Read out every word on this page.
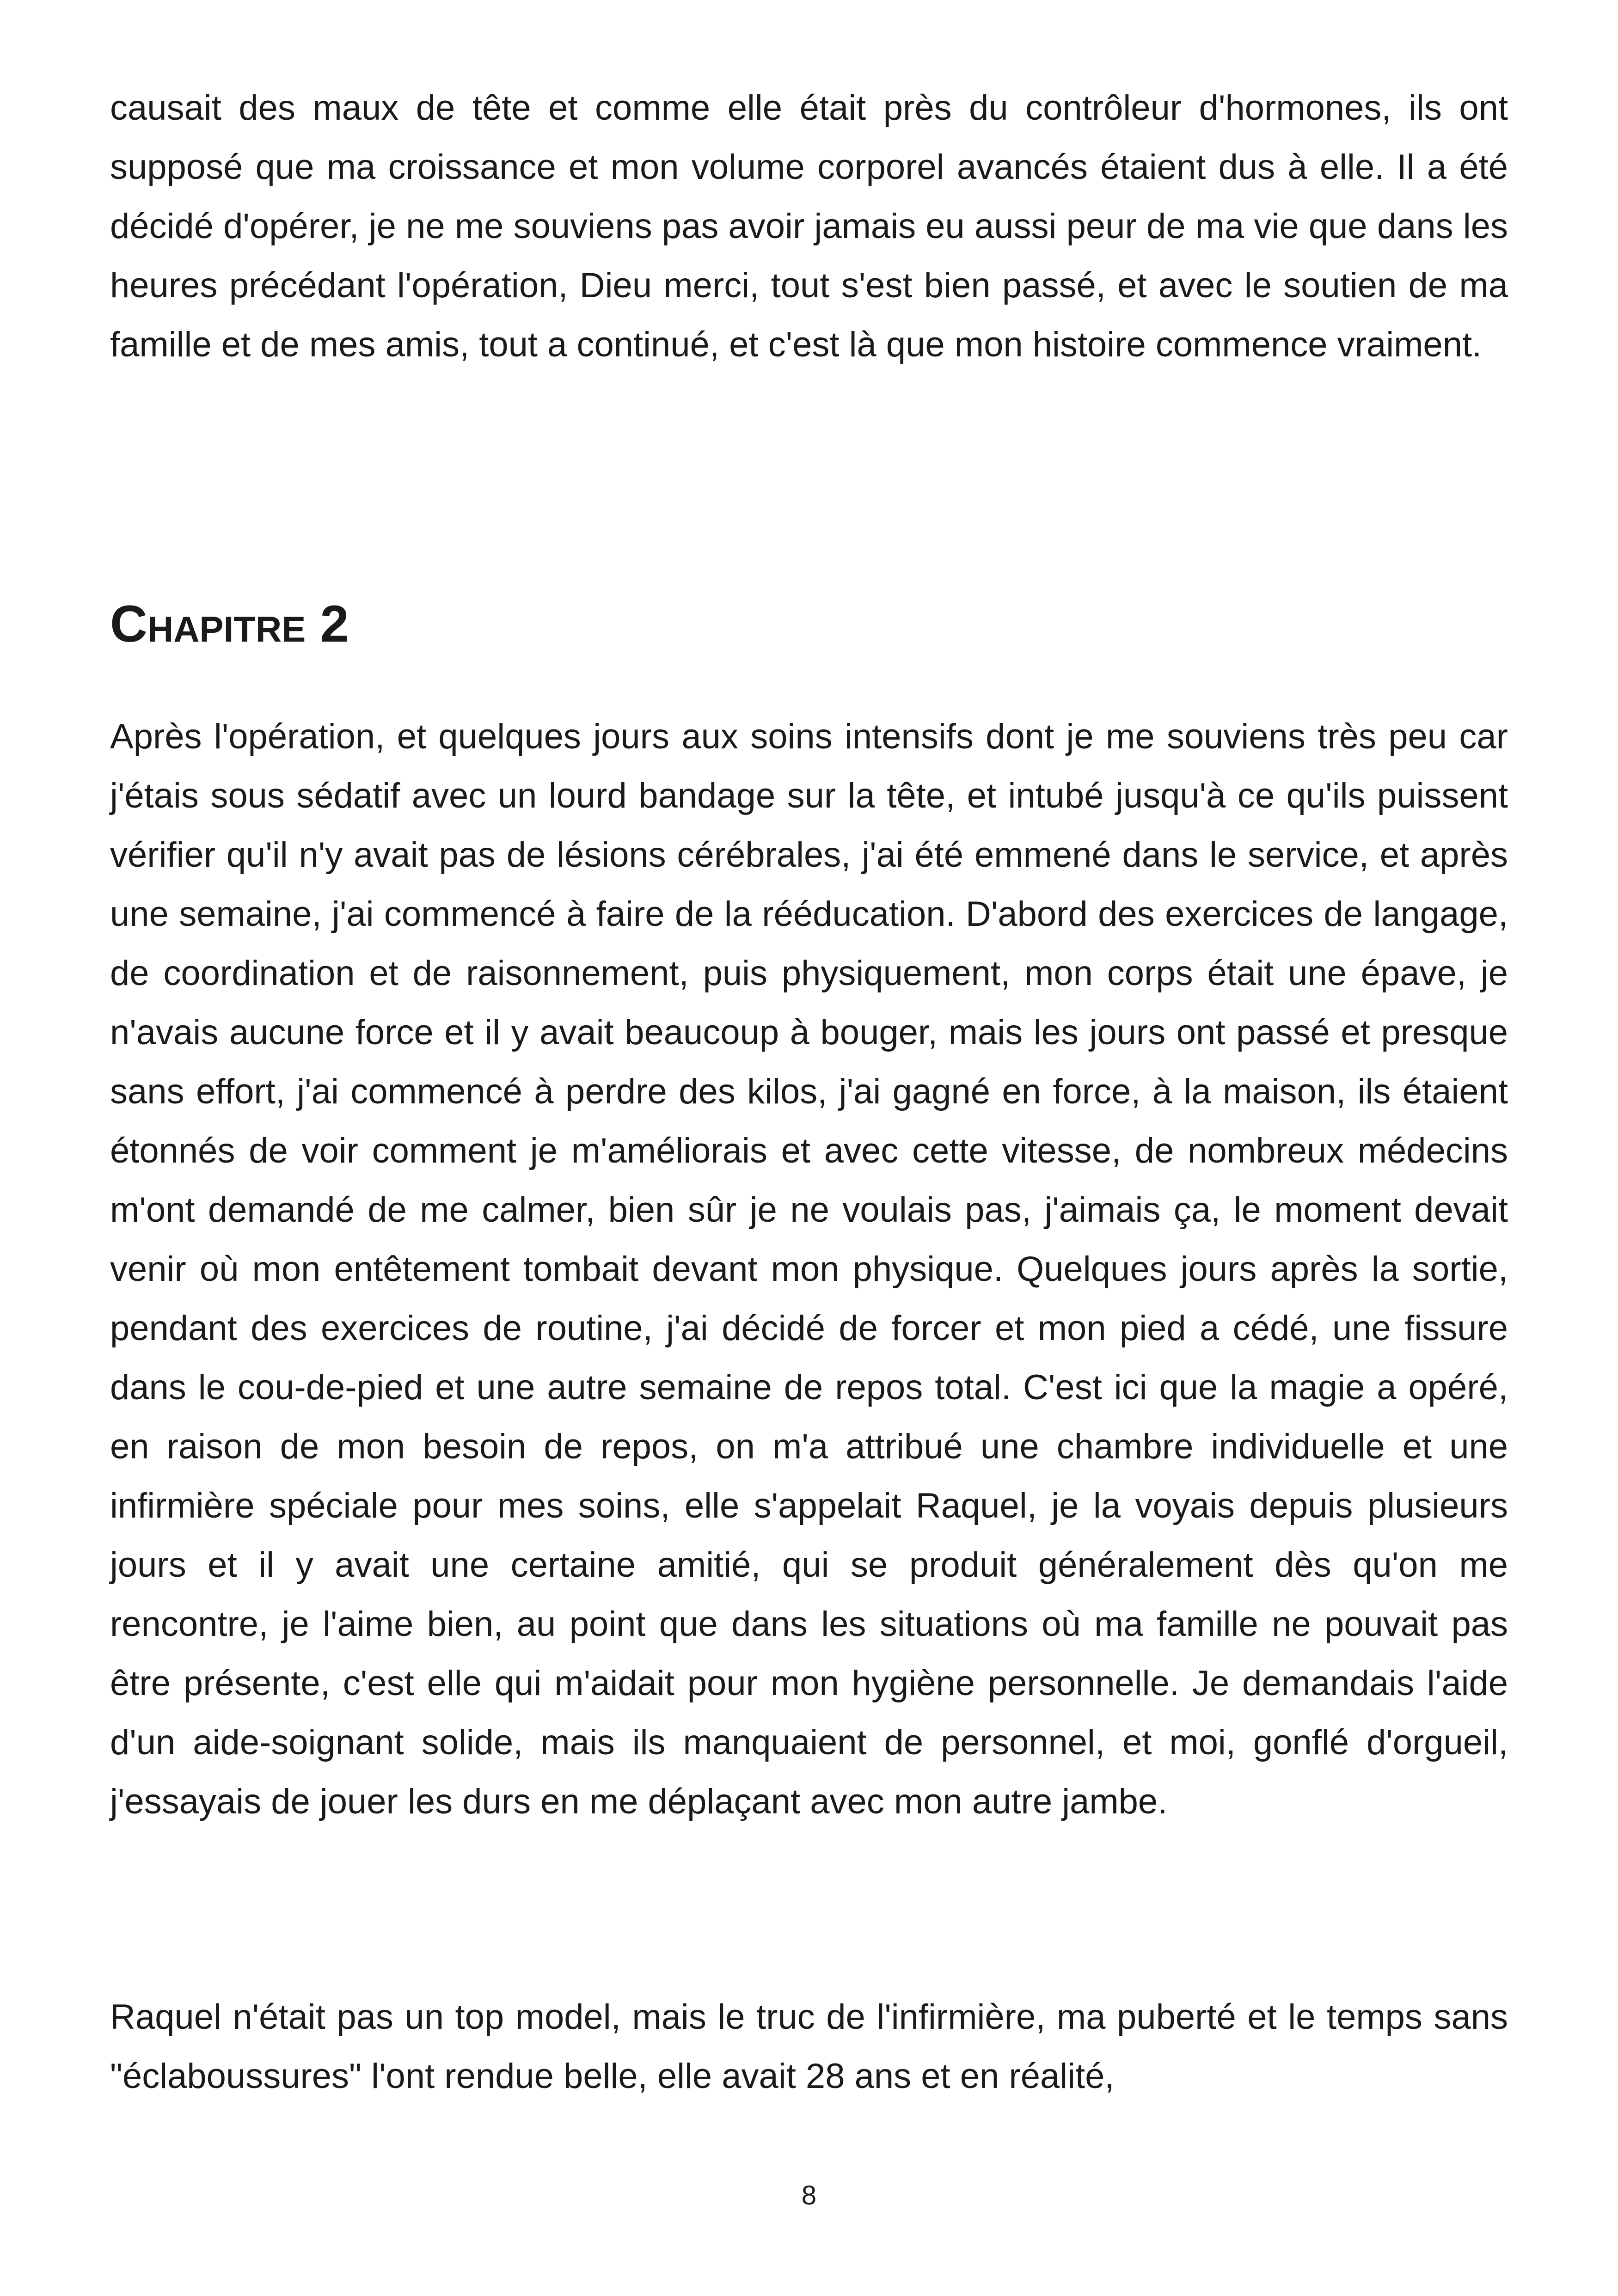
causait des maux de tête et comme elle était près du contrôleur d'hormones, ils ont supposé que ma croissance et mon volume corporel avancés étaient dus à elle. Il a été décidé d'opérer, je ne me souviens pas avoir jamais eu aussi peur de ma vie que dans les heures précédant l'opération, Dieu merci, tout s'est bien passé, et avec le soutien de ma famille et de mes amis, tout a continué, et c'est là que mon histoire commence vraiment.

Chapitre 2

Après l'opération, et quelques jours aux soins intensifs dont je me souviens très peu car j'étais sous sédatif avec un lourd bandage sur la tête, et intubé jusqu'à ce qu'ils puissent vérifier qu'il n'y avait pas de lésions cérébrales, j'ai été emmené dans le service, et après une semaine, j'ai commencé à faire de la rééducation. D'abord des exercices de langage, de coordination et de raisonnement, puis physiquement, mon corps était une épave, je n'avais aucune force et il y avait beaucoup à bouger, mais les jours ont passé et presque sans effort, j'ai commencé à perdre des kilos, j'ai gagné en force, à la maison, ils étaient étonnés de voir comment je m'améliorais et avec cette vitesse, de nombreux médecins m'ont demandé de me calmer, bien sûr je ne voulais pas, j'aimais ça, le moment devait venir où mon entêtement tombait devant mon physique. Quelques jours après la sortie, pendant des exercices de routine, j'ai décidé de forcer et mon pied a cédé, une fissure dans le cou-de-pied et une autre semaine de repos total. C'est ici que la magie a opéré, en raison de mon besoin de repos, on m'a attribué une chambre individuelle et une infirmière spéciale pour mes soins, elle s'appelait Raquel, je la voyais depuis plusieurs jours et il y avait une certaine amitié, qui se produit généralement dès qu'on me rencontre, je l'aime bien, au point que dans les situations où ma famille ne pouvait pas être présente, c'est elle qui m'aidait pour mon hygiène personnelle. Je demandais l'aide d'un aide-soignant solide, mais ils manquaient de personnel, et moi, gonflé d'orgueil, j'essayais de jouer les durs en me déplaçant avec mon autre jambe.

Raquel n'était pas un top model, mais le truc de l'infirmière, ma puberté et le temps sans "éclaboussures" l'ont rendue belle, elle avait 28 ans et en réalité,

8
